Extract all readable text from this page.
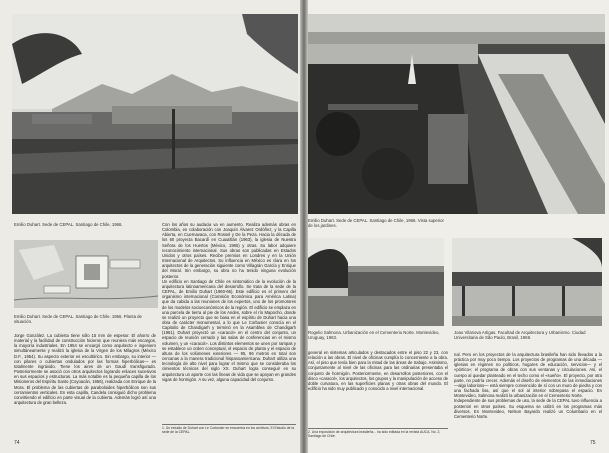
Emilio Duhart. Sede de CEPAL. Santiago de Chile, 1966.
Emilio Duhart. Sede de CEPAL. Santiago de Chile. 1966. Planta de situación.

Jorge González. La cubierta tiene sólo 15 mm de espesor. El ahorro de material y la facilidad de construcción hicieron que reuniera más encargos, la mayoría industriales. En 1954 se encargó como arquitecto e ingeniero simultáneamente y realizó la iglesia de la Virgen de los Milagros (México D.F., 1954). Su aspecto exterior es escultórico. Sin embargo, su interior —con pilares o cubiertas ondulados por las formas hiperbólicas— es totalmente ingrávido. Tiene los aires de un Gaudí transfigurado. Posteriormente se asoció con otros arquitectos logrando enlaces sucesivos en sus espacios y estructuras. La más notable es la pequeña capilla de los Misioneros del Espíritu Santo (Coyoacán, 1956), realizada con Enrique de la Mora. El problema de las cubiertas de paraboloides hiperbólicos son sus cerramientos verticales. En esta capilla, Candela consiguió dicho problema convirtiendo el edificio en parte visual de la cubierta. Además logró así una arquitectura de gran belleza.

Con los años su audacia va en aumento. Realiza además obras en Colombia, en colaboración con Joaquín Álvarez Ordóñez, y la Capilla Abierta, en Cuernavaca, con Rossel y De la Peza. Hacia la década de los 60 proyecta Bacardí en Cuautitlán (1963), la iglesia de Nuestra Señora de los Huertos (México, 1965) y otras. Su labor adquiere reconocimiento internacional. Sus obras son publicadas en Estados Unidos y otros países. Recibe premios en Londres y en la Unión Internacional de Arquitectos. Su influencia en México es clara en los arquitectos de la generación siguiente como Villagrán García y Enrique del Moral. Sin embargo, su obra no ha tenido ninguna evolución posterior.
Un edificio en Santiago de Chile es sintomático de la evolución de la arquitectura latinoamericana del desarrollo. Se trata de la sede de la CEPAL, de Emilio Duhart (1960-66). Este edificio es el primero del organismo internacional (Comisión Económica para América Latina) que da cabida a las reuniones de los expertos, uno de los promotores de los modelos socioeconómicos de la región. El edificio se emplaza en una parcela de tierra al pie de los Andes, sobre el río Mapocho, donde se realizó un proyecto que se basa en el espíritu de Duhart hacia una obra de carácter monumental, a lo que Le Corbusier conocía en el Capitolio de Chandigarh y terminó en la Asamblea de Chandigarh (1961). Duhart proyectó un «caracol» en el centro del conjunto, un espacio de reunión cerrado y las salas de conferencias en el mismo volumen, y un «caracol». Los distintos elementos se unen por rampas y se establece un orden conceptual, el espacio de planta y el espacio de altura de los volúmenes exteriores — 95, 96 metros en total son cercanas a la manera tradicional hispanoamericana. Duhart utiliza una tecnología de alto nivel para lograr el mismo que se consideraba los cimientos técnicos del siglo XX. Duhart logra conseguir en su arquitectura un aporte con las líneas de vida que se apoyan en grandes vigas de hormigón. A su vez, alguna capacidad del conjunto.

1. Un estudio de Duhart con Le Corbusier se encuentra en los archivos. El Estudio de la sede de la CEPAL.
74
Emilio Duhart. Sede de CEPAL. Santiago de Chile, 1966. Vista superior de los jardines.
Rogelio Salmona. Urbanización en el Cementerio Norte. Montevideo, Uruguay, 1963.
Joao Vilanova Artigas. Facultad de Arquitectura y Urbanismo. Ciudad Universitaria de São Paulo, Brasil, 1969.

general en sistemas articulados y destacados entre el piso 22 y 23, con relación a las obras. El nivel de oficinas cumplía lo concerniente a la obra. Así, el piso que tenía bien para la mitad de las áreas de trabajo. Asimismo, conjuntamente al nivel de las oficinas para las ordinarias presentaba el conjunto de hormigón. Posteriormente, en desarrollos posteriores, con el disco «caracol», los arquitectos, los grupos y la manipulación de acceso de doble curvatura, en las superficies planas y otras obras del mundo. El edificio ha sido muy publicado y conocido a nivel internacional.

2. Una exposición de arquitectura brasileña... ha sido editada en la revista AUCA, No. 2, Santiago de Chile.

nal. Pero en los proyectos de la arquitectura brasileña han sido llevados a la práctica por muy poco tiempo. Los proyectos de programas de una década —iglesias en régimen no políticos, hogares de educación, servicios— y el «pórtico»; el programa de obras con sus ventanas y circulaciones. Así, el cuerpo al quedar planteado en el techo como el «sueño». El proyecto, por otra parte, no podría crecer. Además el diseño de elementos de las inmediaciones —algo laborioso— está siempre convencido de sí con un muro de piedra y con una fachada lisa, así que el sol al interior sobrepasa el espacio. En Montevideo, Salmona realizó la urbanización en el Cementerio Norte.
Independiente de sus problemas de uso, la sede de la CEPAL tuvo influencia a posteriori en otros países. Su esquema se utilizó en los programas más diversos. En Montevideo, Nelson Bayardo realizó un Columbario en el Cementerio Norte.

75
